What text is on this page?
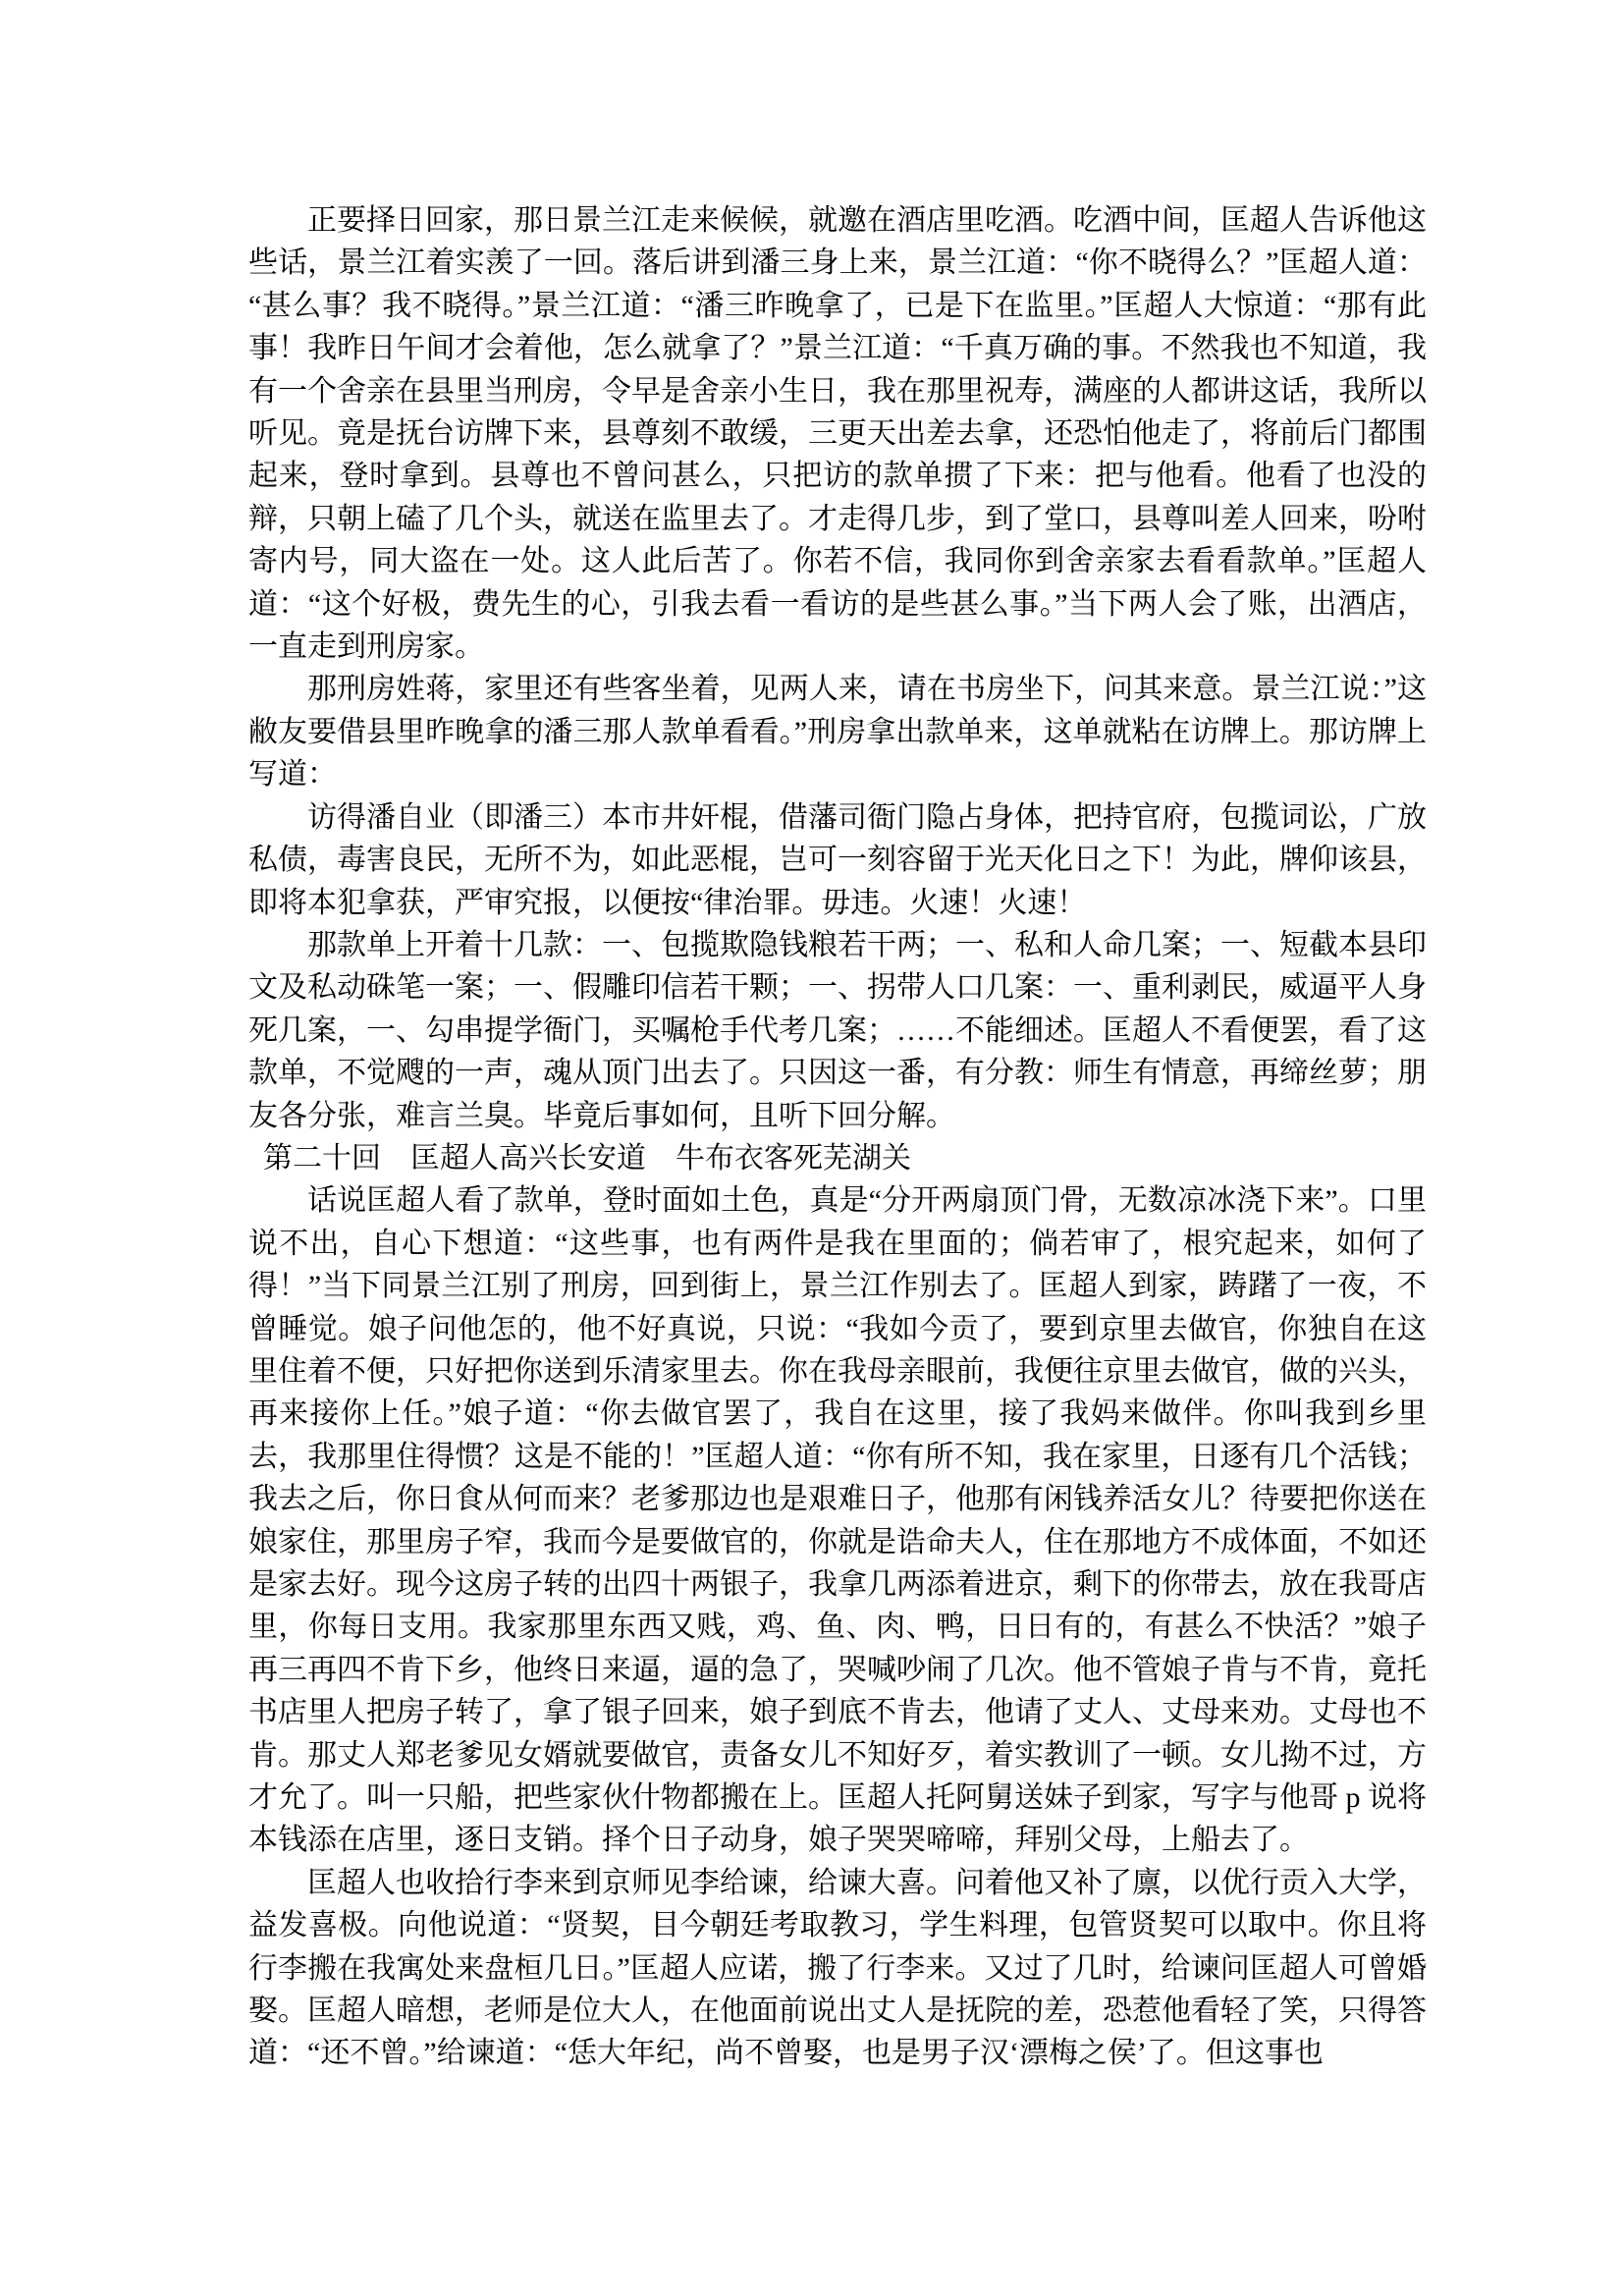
正要择日回家，那日景兰江走来候候，就邀在酒店里吃酒。吃酒中间，匡超人告诉他这些话，景兰江着实羡了一回。落后讲到潘三身上来，景兰江道：“你不晓得么？”匡超人道：“甚么事？我不晓得。”景兰江道：“潘三昨晚拿了，已是下在监里。”匡超人大惊道：“那有此事！我昨日午间才会着他，怎么就拿了？”景兰江道：“千真万确的事。不然我也不知道，我有一个舍亲在县里当刑房，令早是舍亲小生日，我在那里祝寿，满座的人都讲这话，我所以听见。竟是抚台访牌下来，县尊刻不敢缓，三更天出差去拿，还恐怕他走了，将前后门都围起来，登时拿到。县尊也不曾问甚么，只把访的款单掼了下来：把与他看。他看了也没的辩，只朝上磕了几个头，就送在监里去了。才走得几步，到了堂口，县尊叫差人回来，吩咐寄内号，同大盗在一处。这人此后苦了。你若不信，我同你到舍亲家去看看款单。”匡超人道：“这个好极，费先生的心，引我去看一看访的是些甚么事。”当下两人会了账，出酒店，一直走到刑房家。

那刑房姓蒋，家里还有些客坐着，见两人来，请在书房坐下，问其来意。景兰江说：”这敝友要借县里昨晚拿的潘三那人款单看看。”刑房拿出款单来，这单就粘在访牌上。那访牌上写道：

访得潘自业（即潘三）本市井奸棍，借藩司衙门隐占身体，把持官府，包揽词讼，广放私债，毒害良民，无所不为，如此恶棍，岂可一刻容留于光天化日之下！为此，牌仰该县，即将本犯拿获，严审究报，以便按“律治罪。毋违。火速！火速！

那款单上开着十几款：一、包揽欺隐钱粮若干两；一、私和人命几案；一、短截本县印文及私动硃笔一案；一、假雕印信若干颗；一、拐带人口几案：一、重利剥民，威逼平人身死几案，一、勾串提学衙门，买嘱枪手代考几案；……不能细述。匡超人不看便罢，看了这款单，不觉飕的一声，魂从顶门出去了。只因这一番，有分教：师生有情意，再缔丝萝；朋友各分张，难言兰臭。毕竟后事如何，且听下回分解。

第二十回　匡超人高兴长安道　牛布衣客死芜湖关

话说匡超人看了款单，登时面如土色，真是“分开两扇顶门骨，无数凉冰浇下来”。口里说不出，自心下想道：“这些事，也有两件是我在里面的；倘若审了，根究起来，如何了得！”当下同景兰江别了刑房，回到街上，景兰江作别去了。匡超人到家，踌躇了一夜，不曾睡觉。娘子问他怎的，他不好真说，只说：“我如今贡了，要到京里去做官，你独自在这里住着不便，只好把你送到乐清家里去。你在我母亲眼前，我便往京里去做官，做的兴头，再来接你上任。”娘子道：“你去做官罢了，我自在这里，接了我妈来做伴。你叫我到乡里去，我那里住得惯？这是不能的！”匡超人道：“你有所不知，我在家里，日逐有几个活钱；我去之后，你日食从何而来？老爹那边也是艰难日子，他那有闲钱养活女儿？待要把你送在娘家住，那里房子窄，我而今是要做官的，你就是诰命夫人，住在那地方不成体面，不如还是家去好。现今这房子转的出四十两银子，我拿几两添着进京，剩下的你带去，放在我哥店里，你每日支用。我家那里东西又贱，鸡、鱼、肉、鸭，日日有的，有甚么不快活？”娘子再三再四不肯下乡，他终日来逼，逼的急了，哭喊吵闹了几次。他不管娘子肯与不肯，竟托书店里人把房子转了，拿了银子回来，娘子到底不肯去，他请了丈人、丈母来劝。丈母也不肯。那丈人郑老爹见女婿就要做官，责备女儿不知好歹，着实教训了一顿。女儿拗不过，方才允了。叫一只船，把些家伙什物都搬在上。匡超人托阿舅送妹子到家，写字与他哥 p 说将本钱添在店里，逐日支销。择个日子动身，娘子哭哭啼啼，拜别父母，上船去了。

匡超人也收拾行李来到京师见李给谏，给谏大喜。问着他又补了廪，以优行贡入大学，益发喜极。向他说道：“贤契，目今朝廷考取教习，学生料理，包管贤契可以取中。你且将行李搬在我寓处来盘桓几日。”匡超人应诺，搬了行李来。又过了几时，给谏问匡超人可曾婚娶。匡超人暗想，老师是位大人，在他面前说出丈人是抚院的差，恐惹他看轻了笑，只得答道：“还不曾。”给谏道：“恁大年纪，尚不曾娶，也是男子汉‘漂梅之侯’了。但这事也
